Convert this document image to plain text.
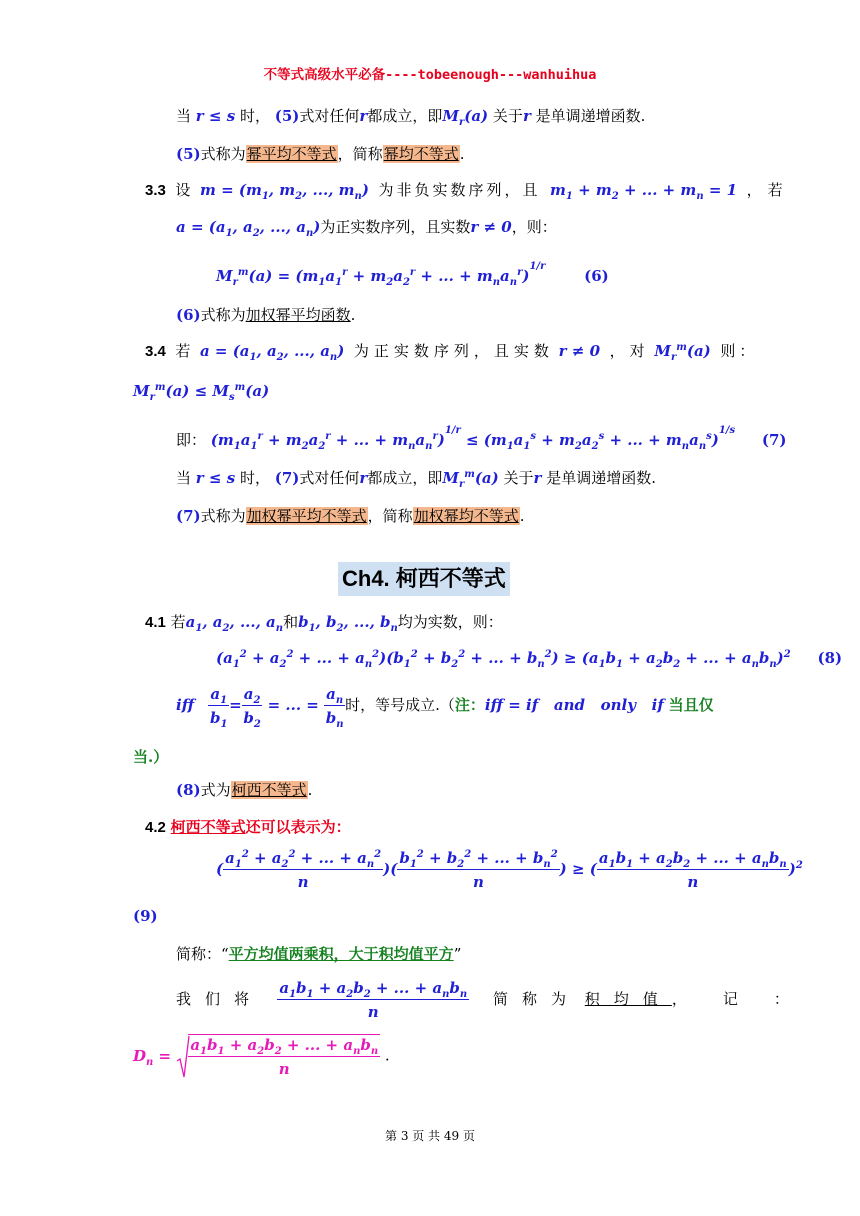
不等式高级水平必备----tobeenough---wanhuihua
当 r ≤ s 时， (5)式对任何r都成立，即$M_r(a)$ 关于r 是单调递增函数.
(5)式称为幂平均不等式，简称幂均不等式.
3.3 设 $m = (m_1$, $m_2$, ..., $m_n$) 为非负实数序列，且 $m_1 + m_2$ + ... + $m_n = 1$ ，若
$a = (a_1$, $a_2$, ..., $a_n$)为正实数序列，且实数r ≠ 0，则：
$M_r^m(a) = (m_1a_1^r + m_2a_2^r$ + ... + $m_na_n^r)^{1/r}$ (6)
(6)式称为加权幂平均函数.
3.4 若 $a = (a_1$, $a_2$, ..., $a_n$) 为正实数序列，且实数 r ≠ 0 ，对 $M_r^m(a)$ 则：
$M_r^m(a) \le M_s^m(a)$
即： ($m_1a_1^r + m_2a_2^r$ + ... + $m_na_n^r)^{1/r} \le (m_1a_1^s + m_2a_2^s$ + ... + $m_na_n^s)^{1/s}$ (7)
当 r ≤ s 时， (7)式对任何r都成立，即$M_r^m(a)$ 关于r 是单调递增函数.
(7)式称为加权幂平均不等式，简称加权幂均不等式.
Ch4. 柯西不等式
4.1 若$a_1$, $a_2$, ..., $a_n$和$b_1$, $b_2$, ..., $b_n$均为实数，则：
($a_1^2 + a_2^2$ + ... + $a_n^2)(b_1^2 + b_2^2$ + ... + $b_n^2) \ge (a_1b_1 + a_2b_2$ + ... + $a_nb_n)^2$ (8)
iff $\frac{a_1}{b_1} = \frac{a_2}{b_2}$ = ... = $\frac{a_n}{b_n}$ 时，等号成立.（注：iff = if   and   only   if 当且仅
当.）
(8)式为柯西不等式.
4.2 柯西不等式还可以表示为：
( $\frac{a_1^2 + a_2^2 + ... + a_n^2}{n}$ )( $\frac{b_1^2 + b_2^2 + ... + b_n^2}{n}$ ) ≥ ( $\frac{a_1b_1 + a_2b_2 + ... + a_nb_n}{n} )^2$
(9)
简称：“平方均值两乘积，大于积均值平方”
我们将 $\frac{a_1b_1 + a_2b_2 + ... + a_nb_n}{n}$ 简称为 积均值，记：
$D_n = \frac{a_1b_1 + a_2b_2 + ... + a_nb_n}{n}$ .
第 3 页 共 49 页
